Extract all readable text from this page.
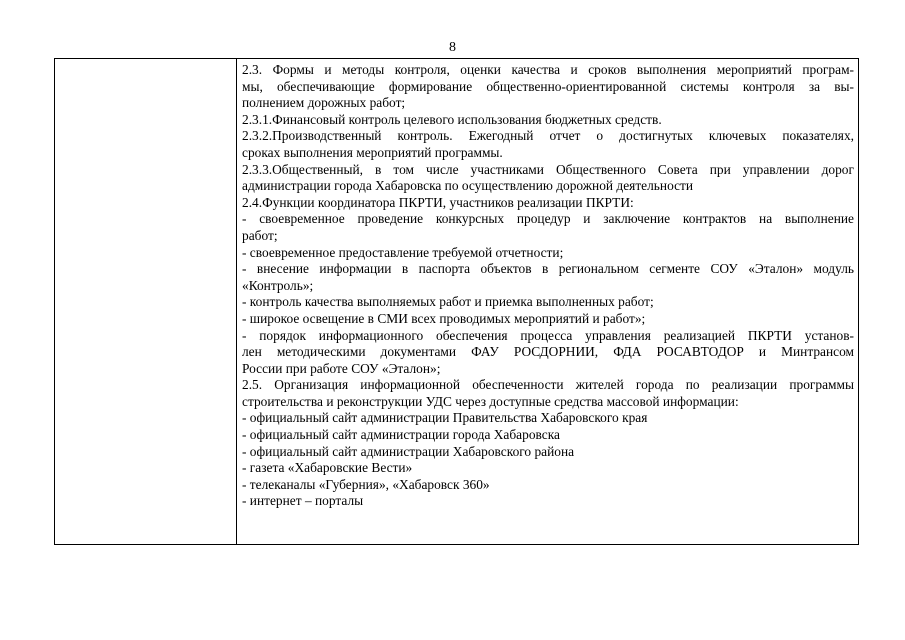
8
2.3. Формы и методы контроля, оценки качества и сроков выполнения мероприятий програм-
мы, обеспечивающие формирование общественно-ориентированной системы контроля за вы-
полнением дорожных работ;
2.3.1.Финансовый контроль целевого использования бюджетных средств.
2.3.2.Производственный контроль. Ежегодный отчет о достигнутых ключевых показателях,
сроках выполнения мероприятий программы.
2.3.3.Общественный, в том числе участниками Общественного Совета при управлении дорог
администрации города Хабаровска по осуществлению дорожной деятельности
2.4.Функции координатора ПКРТИ, участников реализации ПКРТИ:
- своевременное проведение конкурсных процедур и заключение контрактов на выполнение
работ;
- своевременное предоставление требуемой отчетности;
- внесение информации в паспорта объектов в региональном сегменте СОУ «Эталон» модуль
«Контроль»;
- контроль качества выполняемых работ и приемка выполненных работ;
- широкое освещение в СМИ всех проводимых мероприятий и работ»;
- порядок информационного обеспечения процесса управления реализацией ПКРТИ установ-
лен методическими документами ФАУ РОСДОРНИИ, ФДА РОСАВТОДОР и Минтрансом
России при работе СОУ «Эталон»;
2.5. Организация информационной обеспеченности жителей города по реализации программы
строительства и реконструкции УДС через доступные средства массовой информации:
- официальный сайт администрации Правительства Хабаровского края
- официальный сайт администрации города Хабаровска
- официальный сайт администрации Хабаровского района
- газета «Хабаровские Вести»
- телеканалы «Губерния», «Хабаровск 360»
- интернет – порталы
